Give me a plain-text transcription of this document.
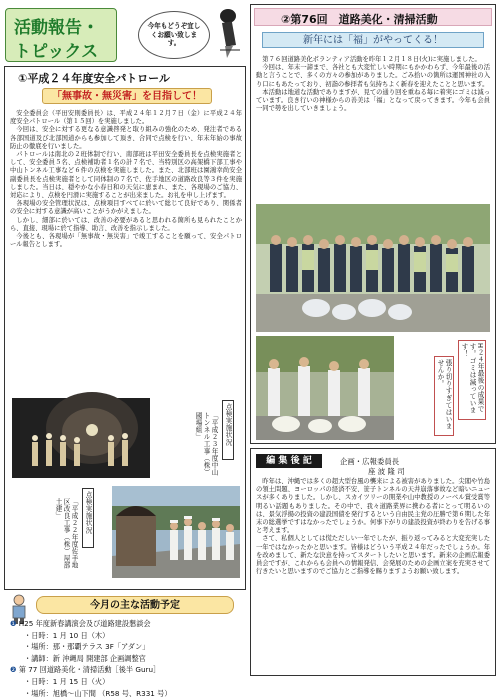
活動報告・
トピックス
今年もどうぞ宜しくお願い致します。
①平成２４年度安全パトロール
「無事故・無災害」を目指して！

安全委員会（平田安則委員長）は、平成２４年１２月７日（金）に平成２４年度安全パトロール（第１５回）を実施しました。

今回は、安全に対する更なる意識啓発と取り組みの強化のため、発注者である各部国道及び北部国道からも参加して頂き、合同で点検を行い、年末年始の事故防止の徹底を行いました。

パトロールは南北の２班体制で行い、南部班は平田安全委員長を点検実施者として、安全委員５名、点検補助者１名の計７名で、当特別区の高架橋下部工事や中山トンネル工事など６件の点検を実施しました。また、北部班は園鴻幸尚安全副委員長を点検実施者として同体制の７名で、佐手地区の道路改良等３件を実施しました。当日は、穏やかな小春日和の天気に恵まれ、また、各現場のご協力、対応により、点検を円滑に実施することが出来ました。お礼を申し上げます。

各現場の安全管理状況は、点検項目すべてに於いて総じて良好であり、関係者の安全に対する意識が高いことがうかがえました。

しかし、細部に於いては、改善の必要があると思われる箇所も見られたことから、直接、現場に於て指導、助言、改善を指示しました。

今後とも、各現場が「無事故・無災害」で竣工することを願って、安全パトロール報告とします。

点検実施状況
「平成２３年度中山トンネル工事（株）國場組」
点検実施状況
「平成２２年度佐手地区改良工事（株）屋部土建」
②第76回　道路美化・清掃活動
新年には「福」がやってくる！

第７６回道路美化ボランティア活動を昨年１２月１８日(火)に実施しました。

今回は、年末一諦まで、各社とも大変忙しい時期にもかかわらず、今年最後の活動と言うことで、多くの方々の参加がありました。ごみ拾いの箇所は運国神社の入り口にもあたっており、初詣の参拝者も気持ちよく新春を迎えたことと思います。

本活動は地道な活動でありますが、見ての通り回を重ねる毎に着実にゴミは減っています。良き行いの神様からの善美は「福」となって戻ってきます。今年も会員一同で勢を出していきましょう。

H２４年最後の成果です。ゴミは減っています！
張り切りすぎてはいませんか。
編 集 後 記	企画・広報委員長
座 波 隆 司

昨年は、沖縄では多くの超大型台風の襲来による被害がありました。尖閣や竹島の領土問題、ヨーロッパの経済不安、笹子トンネルの天井崩落事故など暗いニュースが多くありました。しかし、スカイツリーの開業や山中教授のノーベル賞受賞等明るい話題もありました。その中で、我々道路業界に携わる者にとって明るいのは、景気浮揚の投資の建設国債を発行するという自由民主党の圧勝で第６期した年末の総選挙ですはなかったでしょうか。何事下がりの建設投資が終わりを告げる事と考えます。

さて、私個人としては慌ただしい一年でしたが、振り返ってみると大変充実した一年ではなかったかと思います。皆様はどういう平成２４年だったでしょうか。年を改めまして、新たな決意を持ってスタートしたいと思います。新来の企画広報委員会ですが、これからも会員への情報発信、会発展のための企画立案を充実させて行きたいと思いますのでご協力とご指導を賜りますようお願い致します。

今月の主な活動予定
❶ H25 年度新春講演会及び道路建設懇談会
・日時：1 月 10 日（木）
・場所：那・那覇テラス 3F「アダン」
・講師：新 沖縄局 開建部 企画調整官
❷ 第 77 回道路美化・清掃活動［後半 Guru］
・日時：1 月 15 日（火）
・場所：旭橋〜山下間 （R58 号、R331 号）
